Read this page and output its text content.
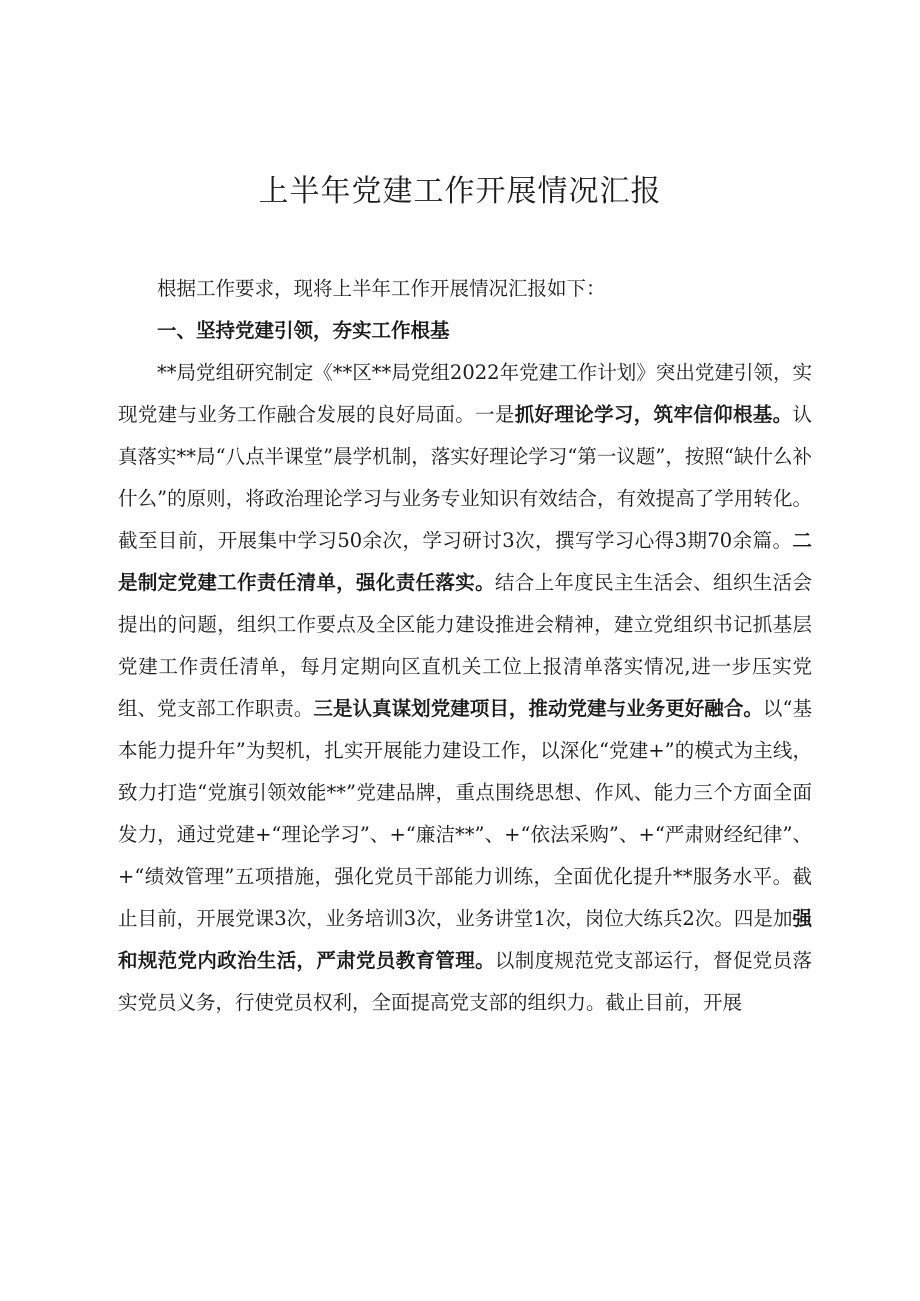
上半年党建工作开展情况汇报

根据工作要求，现将上半年工作开展情况汇报如下：

一、坚持党建引领，夯实工作根基

**局党组研究制定《**区**局党组2022年党建工作计划》突出党建引领，实现党建与业务工作融合发展的良好局面。一是抓好理论学习，筑牢信仰根基。认真落实**局“八点半课堂”晨学机制，落实好理论学习“第一议题”，按照“缺什么补什么”的原则，将政治理论学习与业务专业知识有效结合，有效提高了学用转化。截至目前，开展集中学习50余次，学习研讨3次，撰写学习心得3期70余篇。二是制定党建工作责任清单，强化责任落实。结合上年度民主生活会、组织生活会提出的问题，组织工作要点及全区能力建设推进会精神，建立党组织书记抓基层党建工作责任清单，每月定期向区直机关工位上报清单落实情况,进一步压实党组、党支部工作职责。三是认真谋划党建项目，推动党建与业务更好融合。以“基本能力提升年”为契机，扎实开展能力建设工作，以深化“党建+”的模式为主线，致力打造“党旗引领效能**”党建品牌，重点围绕思想、作风、能力三个方面全面发力，通过党建+“理论学习”、+“廉洁**”、+“依法采购”、+“严肃财经纪律”、+“绩效管理”五项措施，强化党员干部能力训练，全面优化提升**服务水平。截止目前，开展党课3次，业务培训3次，业务讲堂1次，岗位大练兵2次。四是加强和规范党内政治生活，严肃党员教育管理。以制度规范党支部运行，督促党员落实党员义务，行使党员权利，全面提高党支部的组织力。截止目前，开展
